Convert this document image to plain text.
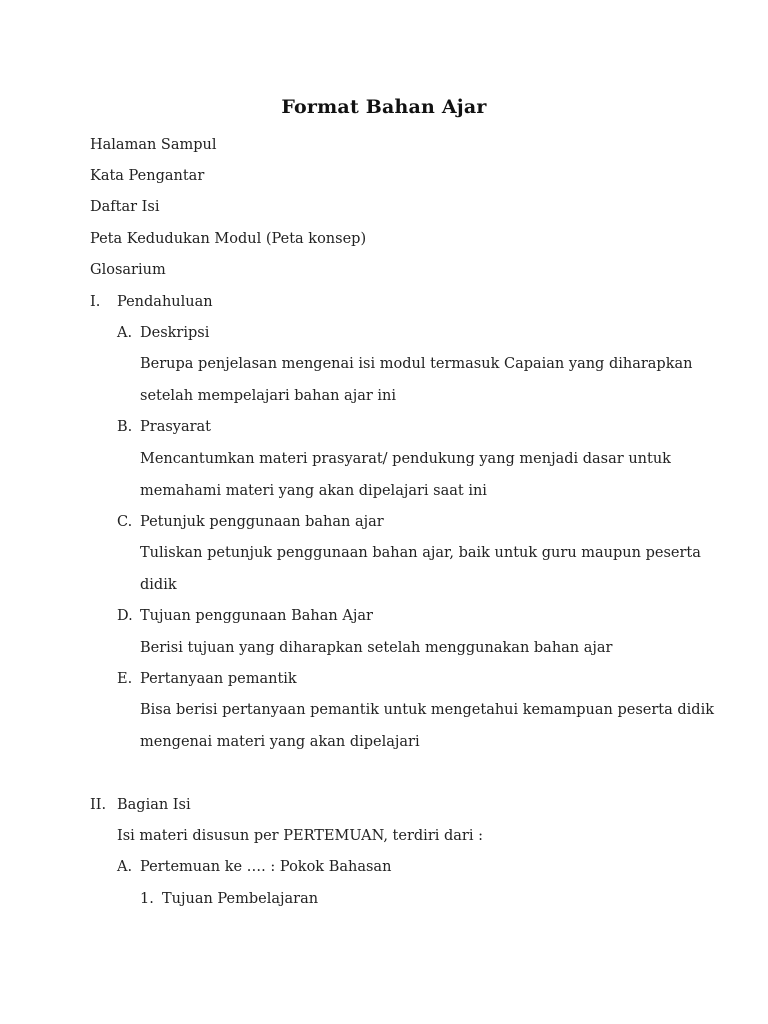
Format Bahan Ajar
Halaman Sampul
Kata Pengantar
Daftar Isi
Peta Kedudukan Modul (Peta konsep)
Glosarium
I. Pendahuluan
A. Deskripsi
Berupa penjelasan mengenai isi modul termasuk Capaian yang diharapkan
setelah mempelajari bahan ajar ini
B. Prasyarat
Mencantumkan materi prasyarat/ pendukung yang menjadi dasar untuk
memahami materi yang akan dipelajari saat ini
C. Petunjuk penggunaan bahan ajar
Tuliskan petunjuk penggunaan bahan ajar, baik untuk guru maupun peserta
didik
D. Tujuan penggunaan Bahan Ajar
Berisi tujuan yang diharapkan setelah menggunakan bahan ajar
E. Pertanyaan pemantik
Bisa berisi pertanyaan pemantik untuk mengetahui kemampuan peserta didik
mengenai materi yang akan dipelajari
II. Bagian Isi
Isi materi disusun per PERTEMUAN, terdiri dari :
A. Pertemuan ke …. : Pokok Bahasan
1. Tujuan Pembelajaran
